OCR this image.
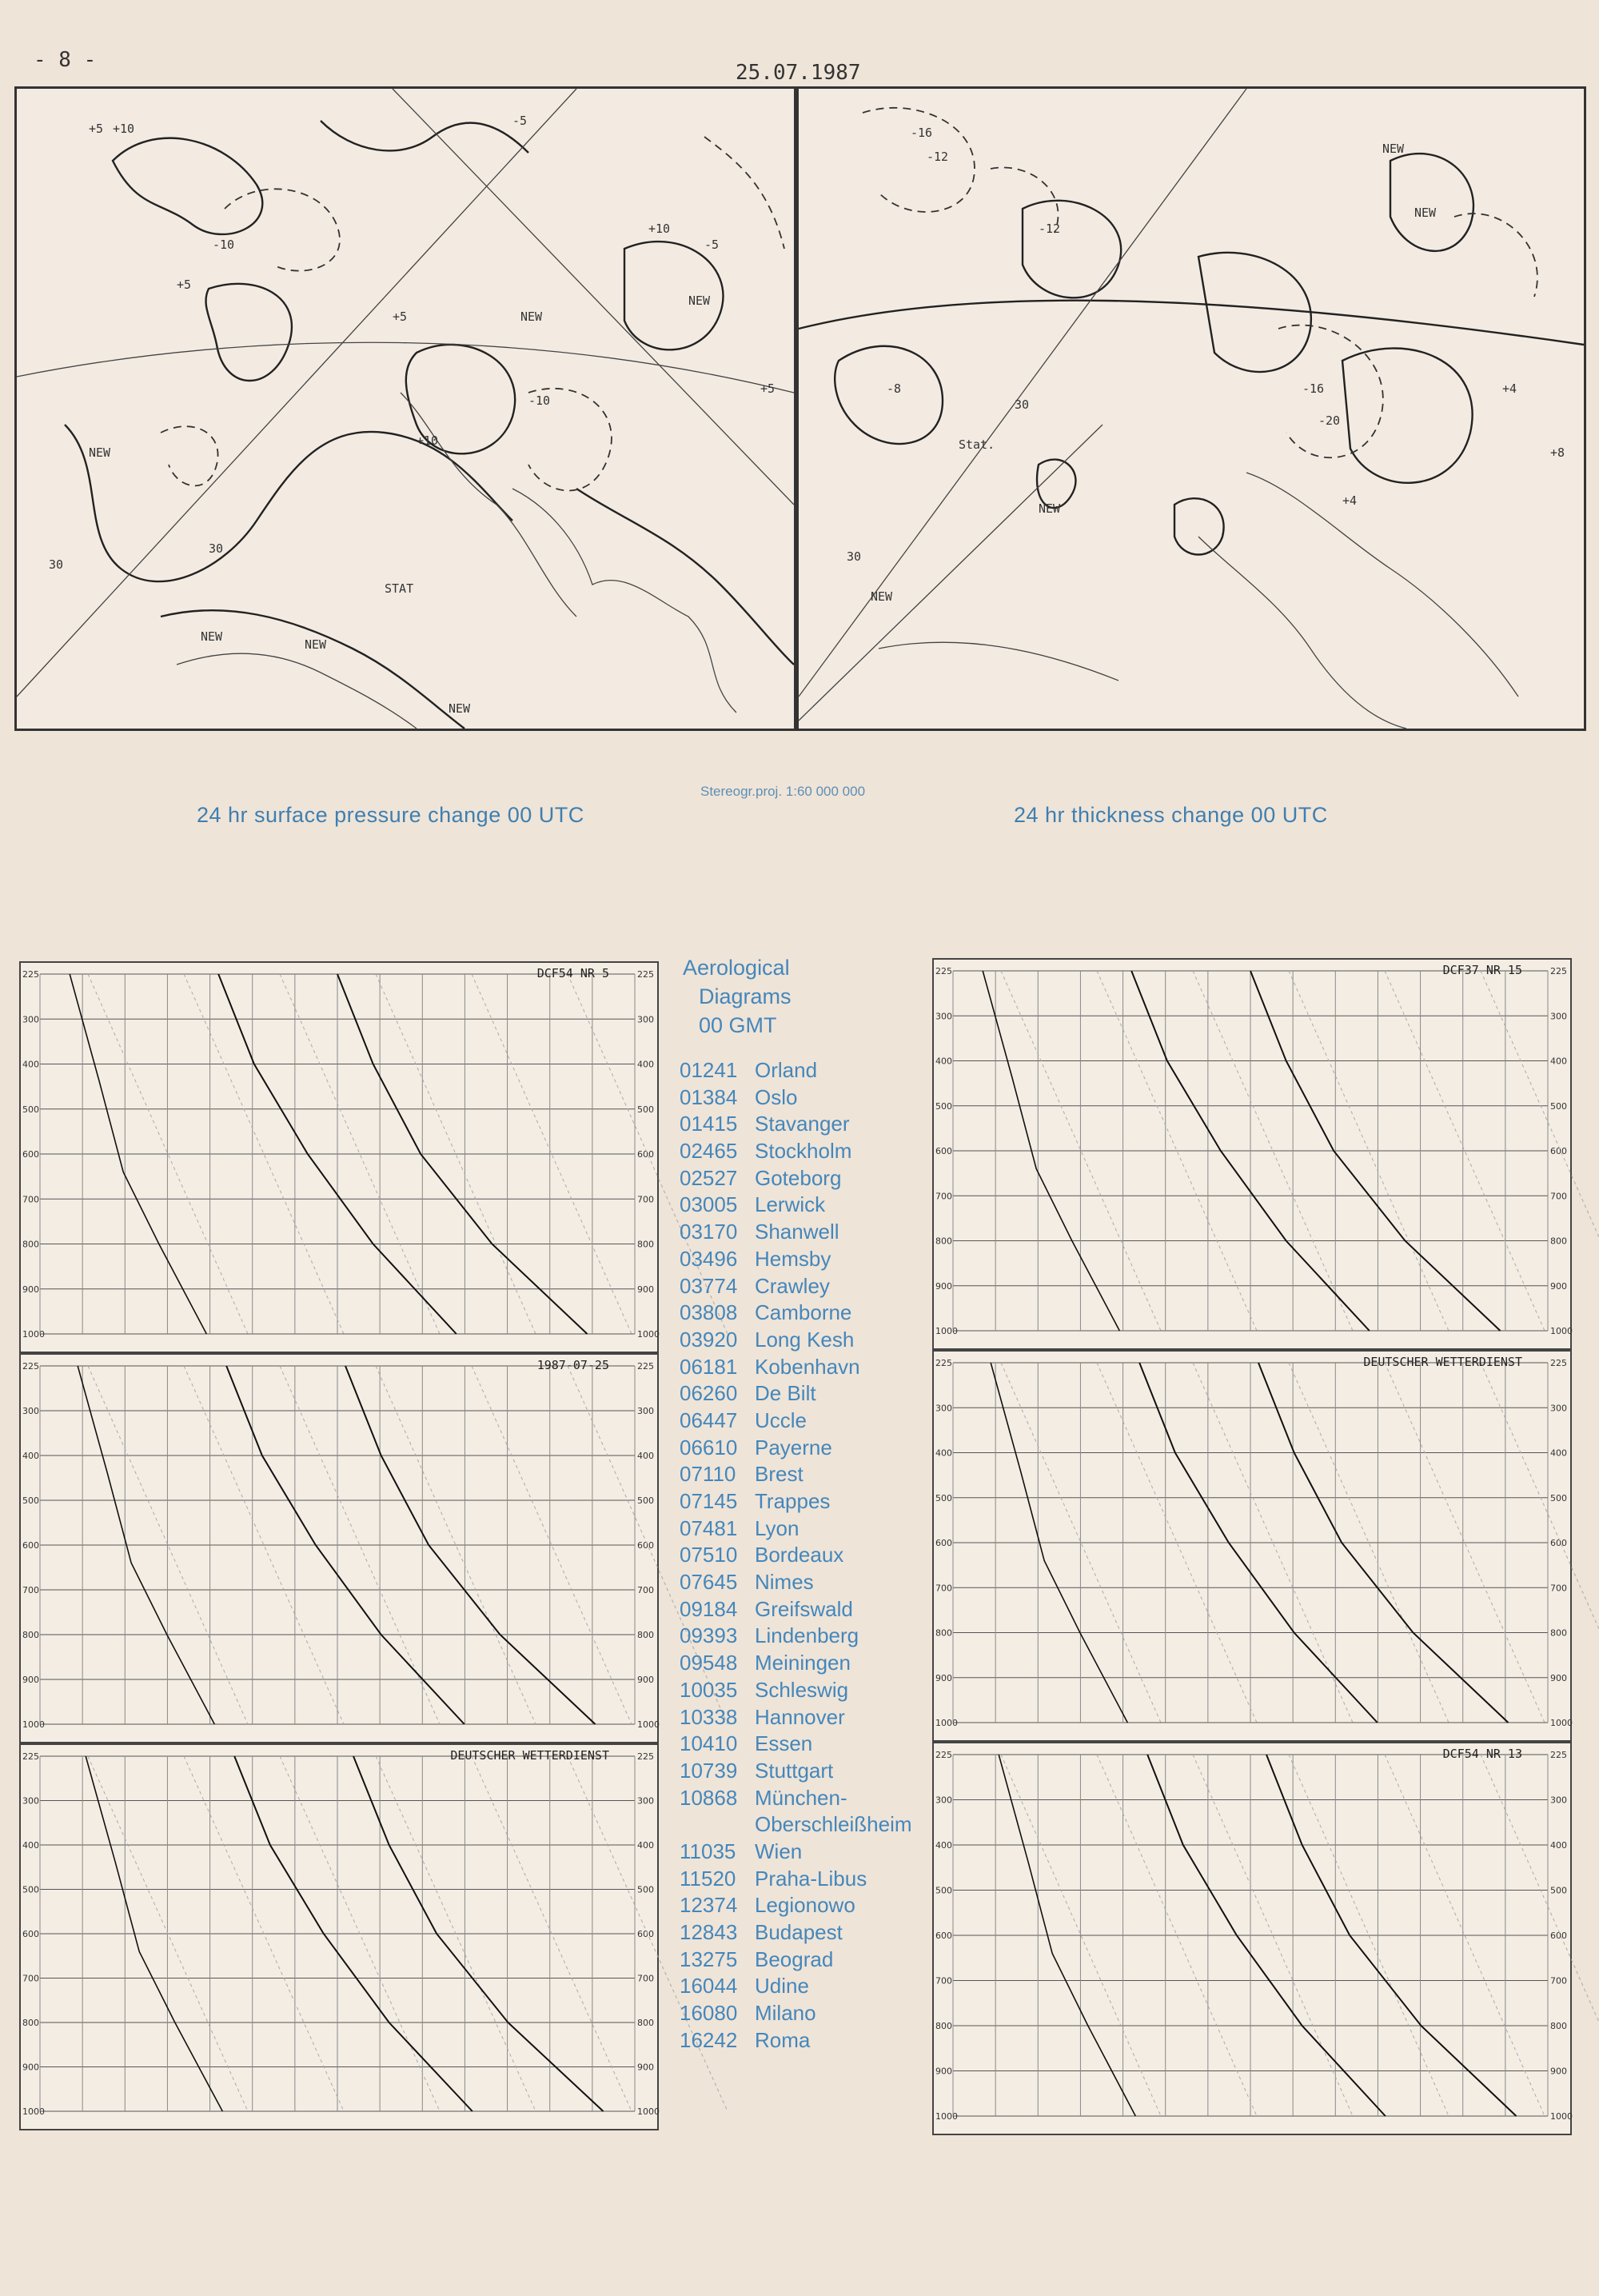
- 8 -
25.07.1987
+5 +10
-5
+5
-10
+5
+10
-10
+10
NEW
NEW
STAT
NEW
NEW
NEW
NEW
-5
+5
30
30
-16
-12
-12
-8	-16
-20
NEW
NEW
NEW
NEW
Stat.
30
30
+4
+8
+4
Stereogr.proj. 1:60 000 000
24 hr surface pressure change 00 UTC	24 hr thickness change 00 UTC
225	225
300	300
400	400
500	500
600	600
700	700
800	800
900	900
1000	1000
DCF54 NR 5
225	225
300	300
400	400
500	500
600	600
700	700
800	800
900	900
1000	1000
1987-07-25
225	225
300	300
400	400
500	500
600	600
700	700
800	800
900	900
1000	1000
DEUTSCHER WETTERDIENST
225	225
300	300
400	400
500	500
600	600
700	700
800	800
900	900
1000	1000
DCF37 NR 15
225	225
300	300
400	400
500	500
600	600
700	700
800	800
900	900
1000	1000
DEUTSCHER WETTERDIENST
225	225
300	300
400	400
500	500
600	600
700	700
800	800
900	900
1000	1000
DCF54 NR 13
Aerological
Diagrams
00 GMT
01241 Orland
01384 Oslo
01415 Stavanger
02465 Stockholm
02527 Goteborg
03005 Lerwick
03170 Shanwell
03496 Hemsby
03774 Crawley
03808 Camborne
03920 Long Kesh
06181 Kobenhavn
06260 De Bilt
06447 Uccle
06610 Payerne
07110 Brest
07145 Trappes
07481 Lyon
07510 Bordeaux
07645 Nimes
09184 Greifswald
09393 Lindenberg
09548 Meiningen
10035 Schleswig
10338 Hannover
10410 Essen
10739 Stuttgart
10868 München-
Oberschleißheim
11035 Wien
11520 Praha-Libus
12374 Legionowo
12843 Budapest
13275 Beograd
16044 Udine
16080 Milano
16242 Roma
